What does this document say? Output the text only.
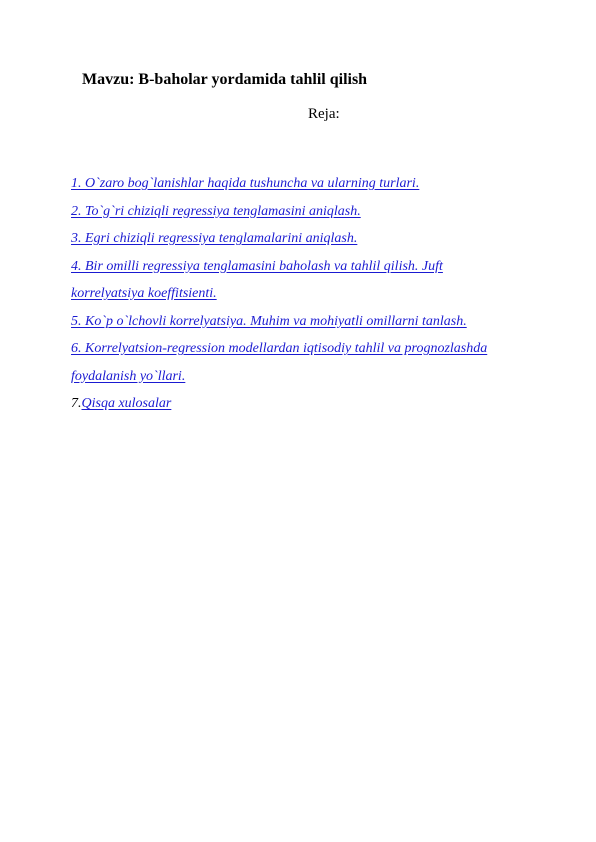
Mavzu: B-baholar yordamida tahlil qilish
Reja:
1. O`zaro bog`lanishlar haqida tushuncha va ularning turlari.
2. To`g`ri chiziqli regressiya tenglamasini aniqlash.
3. Egri chiziqli regressiya tenglamalarini aniqlash.
4. Bir omilli regressiya tenglamasini baholash va tahlil qilish. Juft
korrelyatsiya koeffitsienti.
5. Ko`p o`lchovli korrelyatsiya. Muhim va mohiyatli omillarni tanlash.
6. Korrelyatsion-regression modellardan iqtisodiy tahlil va prognozlashda
foydalanish yo`llari.
7.Qisqa xulosalar
